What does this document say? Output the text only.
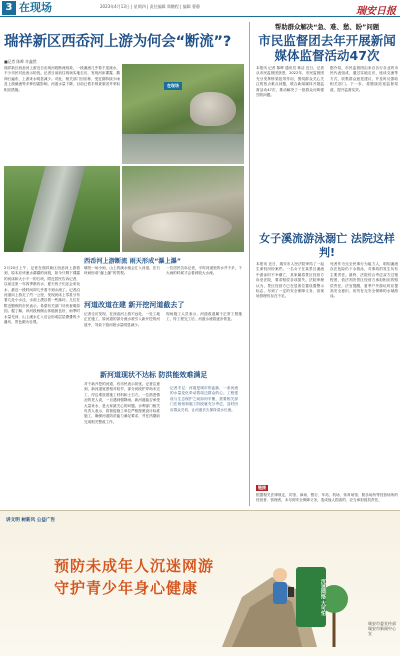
3 在现场	2023年4月13日 | 星期四 | 责任编辑 郑鹏程 | 编辑 曹静	瑞安日报
瑞祥新区西岙河上游为何会“断流”?
■记者 陈晔 许鑫然
瑞祥新区西岙河上游近日出现河段断流现象，一段溪流几乎看不见流水，不少市民对此表示担忧。记者日前前往现场实地走访，发现河床裸露、鹅卵石遍布，上游来水明显减少。对此，相关部门回应称，受近期持续少雨及上游截流等多种因素影响，河道水量下降，目前已着手排查原因并采取相应措施。
在现场
西岙河上游断流 雨天形成“瀑上瀑”
2月20日上午，记者在瑞祥新区西岙河上游看到，原本应该流水潺潺的河段，如今只剩下裸露的河床和大小不一的石块。附近居民告诉记者，以前这里一年四季都有水，夏天孩子们还会来玩水，最近一段时间却几乎看不到水流了。记者沿河道向上游走了约一公里，发现河床上零星分布着几处小水洼，水面上漂浮着一些落叶。几位在附近锻炼的市民表示，希望有关部门尽快查明原因。据了解，该河段两侧山体植被良好，雨季时水量充沛，山上溪水汇入后会形成层层叠叠的小瀑布，景色颇为壮观。
哪怕一场小雨，山上的溪水就会汇入河道，在石块间形成“瀑上瀑”的景观。
一位居民告诉记者，平时河道里的水并不多，下大雨的时候才会看到较大水流。
河道改道在建 新开挖河道截去了
记者走访发现，在西岙河上游不远处，一处工地正在施工，原河道的部分流水被引入新开挖的河道中，导致下游河段水量明显减少。
现场施工人员表示，河道改道属于正常工程施工，待工程完工后，河道水流将逐步恢复。
新河道现状不达标 防洪能效难满足
对于新开挖的河道，有市民表示担忧。记者注意到，新河道宽度相对较窄，部分河段护岸尚未完工，岸边堆放着施工材料和土石方。一位熟悉情况的老人说，一旦遇到强降雨，新河道能否承受大量来水，是大家最关心的问题。水利部门相关负责人表示，将督促施工单位严格按照设计标准施工，确保河道防洪能力满足要求，并在汛期前完成相关整改工作。
记者手记：河道是城市的血脉，一条河流的水量变化牵动着周边群众的心。工程建设与生态保护之间如何平衡，需要相关部门在规划和施工阶段就充分考虑，及时回应群众关切，让河道长久保持清水长流。
帮助群众解决“急、难、愁、盼”问题
市民监督团去年开展新闻媒体监督活动47次
本报讯 记者 陈晔 通讯员 林洁 近日，记者从市民监督团获悉，2022年，市民监督团充分发挥桥梁纽带作用，围绕群众关心关注的热点难点问题，联合新闻媒体开展监督活动47次，推动解决了一批群众反映强烈的问题。
据介绍，市民监督团由来自各行各业的市民代表组成，通过实地走访、座谈交流等方式，收集群众意见建议，并及时反馈给相关部门。下一步，将继续拓宽监督渠道，提升监督实效。
女子溪流游泳溺亡 法院这样判!
本报讯 近日，瑞安市人民法院审结了一起生命权纠纷案件。一名女子在某景区溪流中游泳时不幸溺亡，其家属将景区经营方诉至法院，要求赔偿各项损失。法院审理认为，景区经营方已在显著位置设置警示标志，尽到了一定的安全保障义务，但现场管理仍存在不足。
死者作为完全民事行为能力人，明知溪流存在危险仍下水游泳，对事故的发生负有主要责任。最终，法院综合考虑双方过错程度，依法判决景区经营方承担相应的赔偿责任。法官提醒，夏季户外游玩时应提高安全意识，切勿在无安全保障的水域游泳。
链接
根据相关法律规定，宾馆、商场、银行、车站、机场、体育场馆、娱乐场所等经营场所的经营者、管理者，未尽到安全保障义务，造成他人损害的，应当承担侵权责任。
讲文明 树新风 公益广告
预防未成年人沉迷网游
守护青少年身心健康	沉迷网络 大可怕
瑞安市委宣传部 瑞安市新闻中心 宣
